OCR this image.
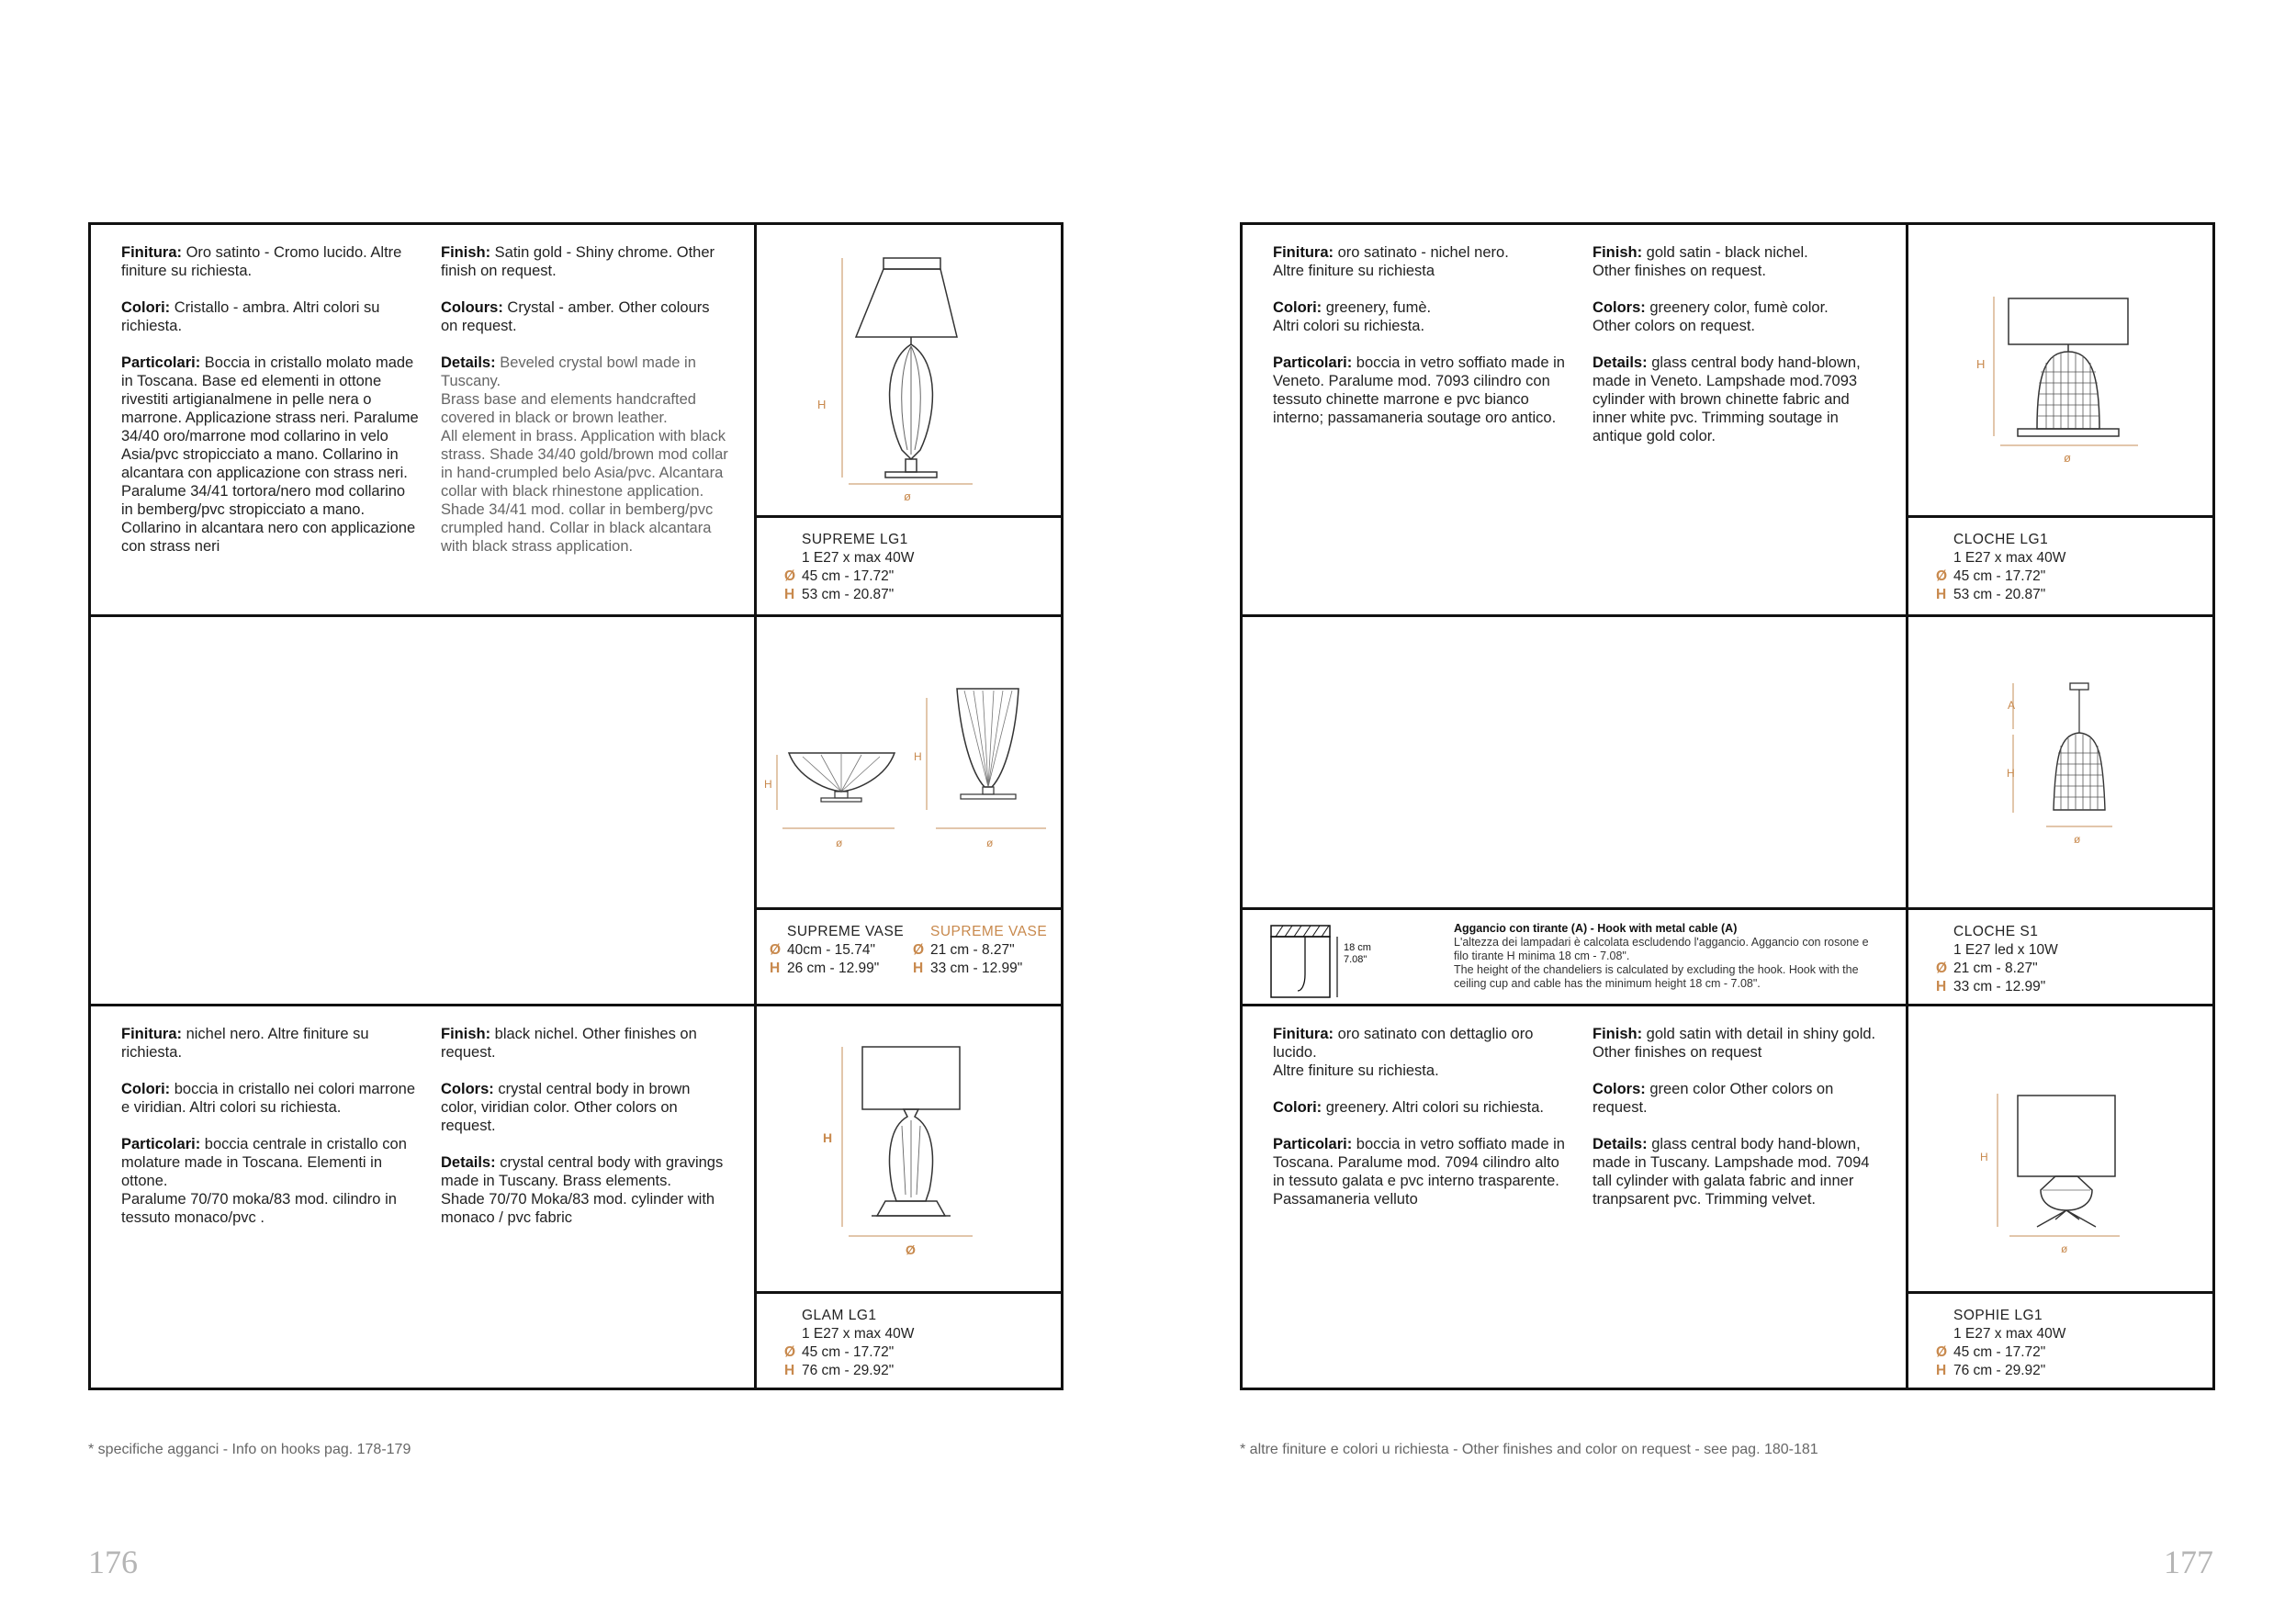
Finitura: Oro satinto - Cromo lucido. Altre finiture su richiesta.

Colori: Cristallo - ambra. Altri colori su richiesta.

Particolari: Boccia in cristallo molato made in Toscana. Base ed elementi in ottone rivestiti artigianalmene in pelle nera o marrone. Applicazione strass neri. Paralume 34/40 oro/marrone mod collarino in velo Asia/pvc stropicciato a mano. Collarino in alcantara con applicazione con strass neri. Paralume 34/41 tortora/nero mod collarino in bemberg/pvc stropicciato a mano. Collarino in alcantara nero con applicazione con strass neri

Finish: Satin gold - Shiny chrome. Other finish on request.

Colours: Crystal - amber. Other colours on request.

Details: Beveled crystal bowl made in Tuscany.
Brass base and elements handcrafted covered in black or brown leather.
All element in brass. Application with black strass. Shade 34/40 gold/brown mod collar in hand-crumpled belo Asia/pvc. Alcantara collar with black rhinestone application.
Shade 34/41 mod. collar in bemberg/pvc crumpled hand. Collar in black alcantara with black strass application.

H
ø
SUPREME LG1
1 E27 x max 40W
Ø 45 cm - 17.72"
H 53 cm - 20.87"
H
ø
H
ø
SUPREME VASE
Ø 40cm - 15.74"
H 26 cm - 12.99"
SUPREME VASE
Ø 21 cm - 8.27"
H 33 cm - 12.99"

Finitura: nichel nero. Altre finiture su richiesta.

Colori: boccia in cristallo nei colori marrone e viridian. Altri colori su richiesta.

Particolari: boccia centrale in cristallo con molature made in Toscana. Elementi in ottone.
Paralume 70/70 moka/83 mod. cilindro in tessuto monaco/pvc .

Finish: black nichel. Other finishes on request.

Colors: crystal central body in brown color, viridian color. Other colors on request.

Details: crystal central body with gravings made in Tuscany. Brass elements.
Shade 70/70 Moka/83 mod. cylinder with monaco / pvc fabric

H
Ø
GLAM LG1
1 E27 x max 40W
Ø 45 cm - 17.72"
H 76 cm - 29.92"
* specifiche agganci - Info on hooks pag. 178-179
176

Finitura: oro satinato - nichel nero.
Altre finiture su richiesta

Colori: greenery, fumè.
Altri colori su richiesta.

Particolari: boccia in vetro soffiato made in Veneto. Paralume mod. 7093 cilindro con tessuto chinette marrone e pvc bianco interno; passamaneria soutage oro antico.

Finish: gold satin - black nichel.
Other finishes on request.

Colors: greenery color, fumè color.
Other colors on request.

Details: glass central body hand-blown, made in Veneto. Lampshade mod.7093 cylinder with brown chinette fabric and inner white pvc. Trimming soutage in antique gold color.

H
ø
CLOCHE LG1
1 E27 x max 40W
Ø 45 cm - 17.72"
H 53 cm - 20.87"
18 cm
7.08"
Aggancio con tirante (A) - Hook with metal cable (A)
L'altezza dei lampadari è calcolata escludendo l'aggancio. Aggancio con rosone e filo tirante H minima 18 cm - 7.08".
The height of the chandeliers is calculated by excluding the hook. Hook with the ceiling cup and cable has the minimum height 18 cm - 7.08".
A
H
ø
CLOCHE S1
1 E27 led x 10W
Ø 21 cm - 8.27"
H 33 cm - 12.99"

Finitura: oro satinato con dettaglio oro lucido.
Altre finiture su richiesta.

Colori: greenery. Altri colori su richiesta.

Particolari: boccia in vetro soffiato made in Toscana. Paralume mod. 7094 cilindro alto in tessuto galata e pvc interno trasparente. Passamaneria velluto

Finish: gold satin with detail in shiny gold. Other finishes on request

Colors: green color Other colors on request.

Details: glass central body hand-blown, made in Tuscany. Lampshade mod. 7094 tall cylinder with galata fabric and inner tranpsarent pvc. Trimming velvet.

H
ø
SOPHIE LG1
1 E27 x max 40W
Ø 45 cm - 17.72"
H 76 cm - 29.92"
* altre finiture e colori u richiesta - Other finishes and color on request - see pag. 180-181
177
